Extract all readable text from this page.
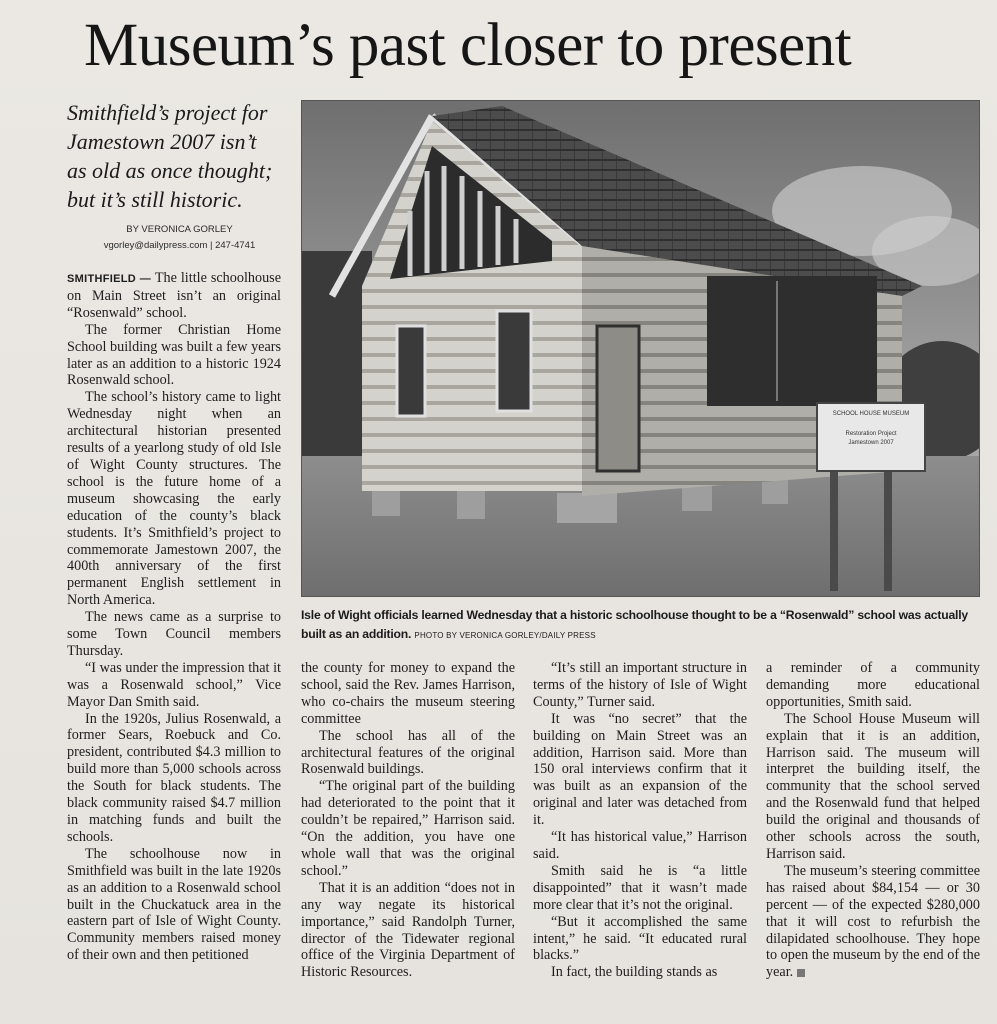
Museum’s past closer to present
Smithfield’s project for
Jamestown 2007 isn’t
as old as once thought;
but it’s still historic.
BY VERONICA GORLEY
vgorley@dailypress.com | 247-4741
SCHOOL HOUSE MUSEUM
Restoration Project
Jamestown 2007
Isle of Wight officials learned Wednesday that a historic schoolhouse thought to be a “Rosenwald” school was actually built as an addition. PHOTO BY VERONICA GORLEY/DAILY PRESS

SMITHFIELD — The little schoolhouse on Main Street isn’t an original “Rosenwald” school.

The former Christian Home School building was built a few years later as an addition to a historic 1924 Rosenwald school.

The school’s history came to light Wednesday night when an architectural historian presented results of a yearlong study of old Isle of Wight County structures. The school is the future home of a museum showcasing the early education of the county’s black students. It’s Smithfield’s project to commemorate Jamestown 2007, the 400th anniversary of the first permanent English settlement in North America.

The news came as a surprise to some Town Council members Thursday.

“I was under the impression that it was a Rosenwald school,” Vice Mayor Dan Smith said.

In the 1920s, Julius Rosenwald, a former Sears, Roebuck and Co. president, contributed $4.3 million to build more than 5,000 schools across the South for black students. The black community raised $4.7 million in matching funds and built the schools.

The schoolhouse now in Smithfield was built in the late 1920s as an addition to a Rosenwald school built in the Chuckatuck area in the eastern part of Isle of Wight County. Community members raised money of their own and then petitioned

the county for money to expand the school, said the Rev. James Harrison, who co-chairs the museum steering committee

The school has all of the architectural features of the original Rosenwald buildings.

“The original part of the building had deteriorated to the point that it couldn’t be repaired,” Harrison said. “On the addition, you have one whole wall that was the original school.”

That it is an addition “does not in any way negate its historical importance,” said Randolph Turner, director of the Tidewater regional office of the Virginia Department of Historic Resources.

“It’s still an important structure in terms of the history of Isle of Wight County,” Turner said.

It was “no secret” that the building on Main Street was an addition, Harrison said. More than 150 oral interviews confirm that it was built as an expansion of the original and later was detached from it.

“It has historical value,” Harrison said.

Smith said he is “a little disappointed” that it wasn’t made more clear that it’s not the original.

“But it accomplished the same intent,” he said. “It educated rural blacks.”

In fact, the building stands as

a reminder of a community demanding more educational opportunities, Smith said.

The School House Museum will explain that it is an addition, Harrison said. The museum will interpret the building itself, the community that the school served and the Rosenwald fund that helped build the original and thousands of other schools across the south, Harrison said.

The museum’s steering committee has raised about $84,154 — or 30 percent — of the expected $280,000 that it will cost to refurbish the dilapidated schoolhouse. They hope to open the museum by the end of the year.
